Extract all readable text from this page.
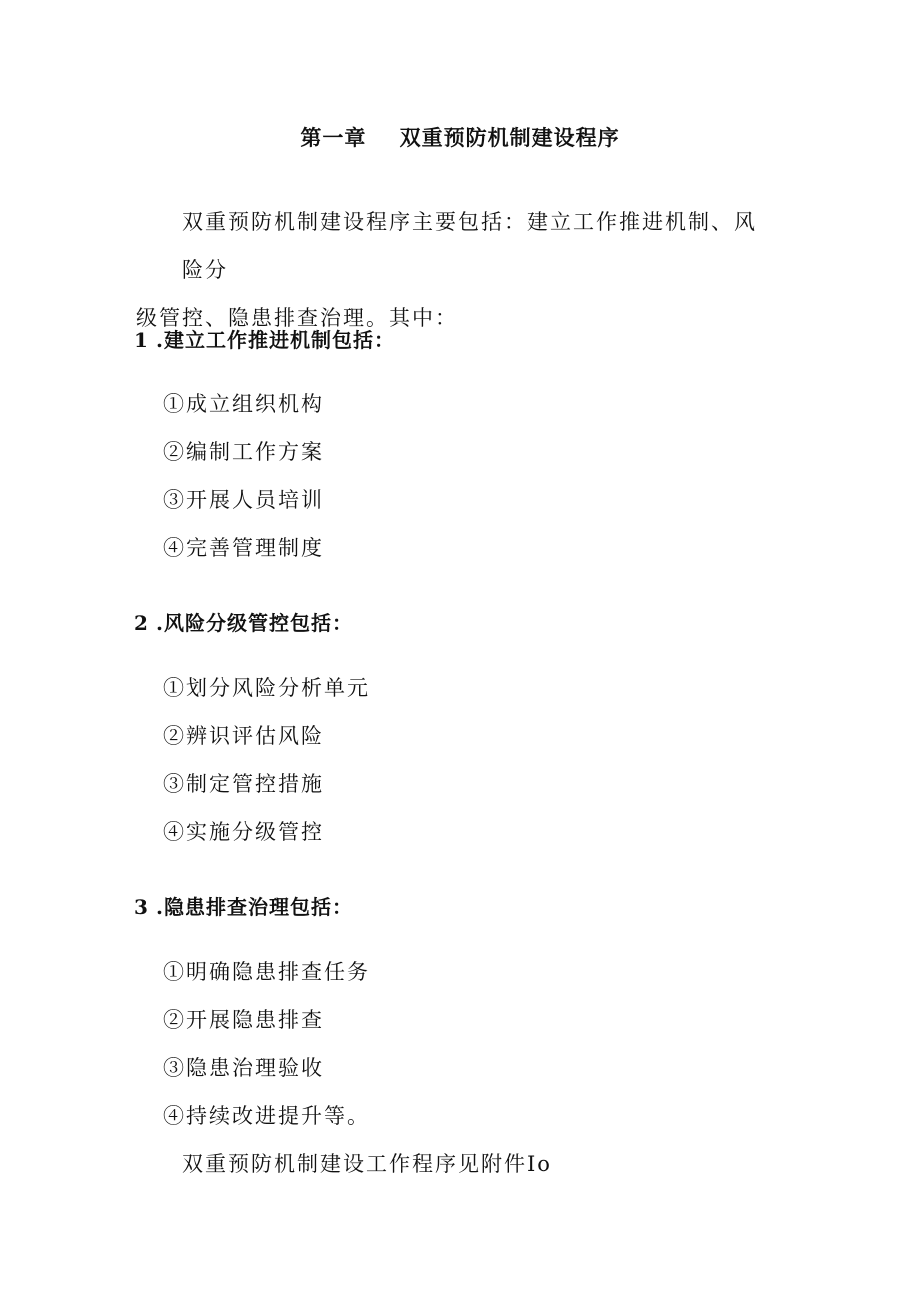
第一章    双重预防机制建设程序
双重预防机制建设程序主要包括：建立工作推进机制、风险分
级管控、隐患排查治理。其中：
1 .建立工作推进机制包括：
①成立组织机构
②编制工作方案
③开展人员培训
④完善管理制度
2 .风险分级管控包括：
①划分风险分析单元
②辨识评估风险
③制定管控措施
④实施分级管控
3 .隐患排查治理包括：
①明确隐患排查任务
②开展隐患排查
③隐患治理验收
④持续改进提升等。
双重预防机制建设工作程序见附件Io
